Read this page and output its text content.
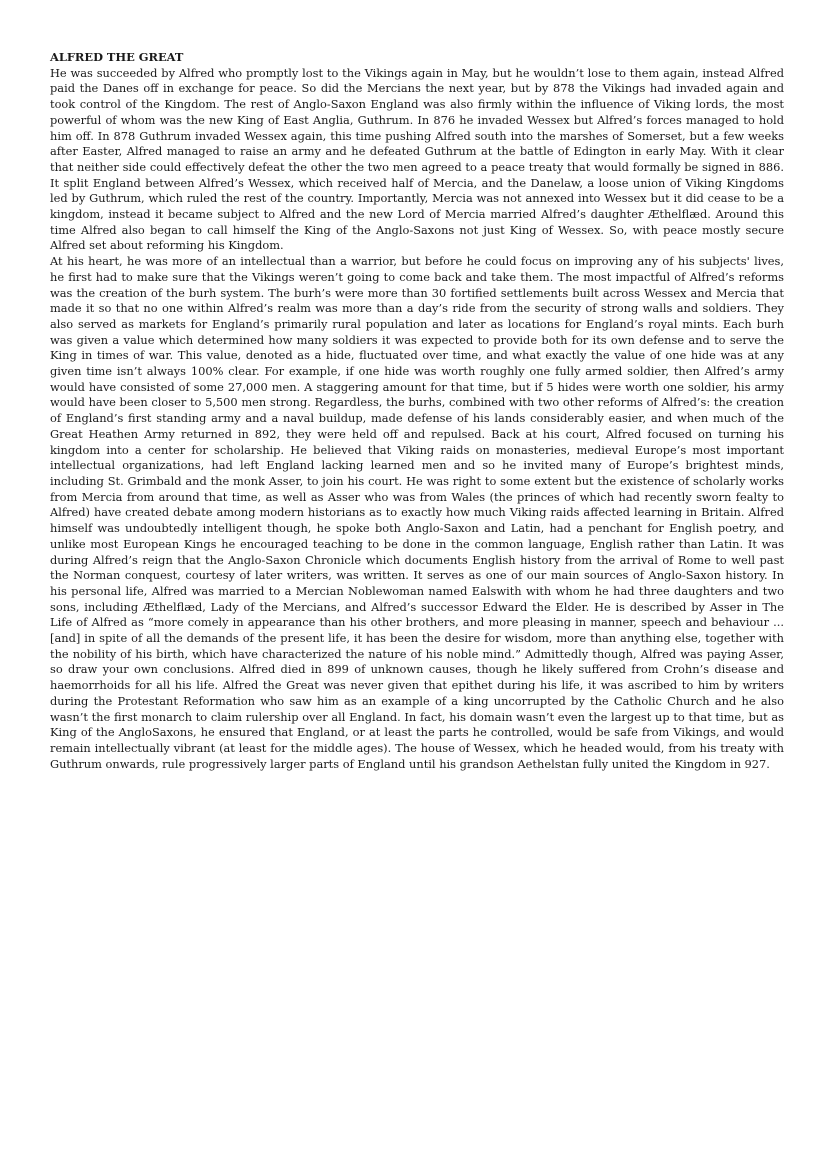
ALFRED THE GREAT

He was succeeded by Alfred who promptly lost to the Vikings again in May, but he wouldn’t lose to them again, instead Alfred paid the Danes off in exchange for peace. So did the Mercians the next year, but by 878 the Vikings had invaded again and took control of the Kingdom. The rest of Anglo-Saxon England was also firmly within the influence of Viking lords, the most powerful of whom was the new King of East Anglia, Guthrum. In 876 he invaded Wessex but Alfred’s forces managed to hold him off. In 878 Guthrum invaded Wessex again, this time pushing Alfred south into the marshes of Somerset, but a few weeks after Easter, Alfred managed to raise an army and he defeated Guthrum at the battle of Edington in early May. With it clear that neither side could effectively defeat the other the two men agreed to a peace treaty that would formally be signed in 886. It split England between Alfred’s Wessex, which received half of Mercia, and the Danelaw, a loose union of Viking Kingdoms led by Guthrum, which ruled the rest of the country. Importantly, Mercia was not annexed into Wessex but it did cease to be a kingdom, instead it became subject to Alfred and the new Lord of Mercia married Alfred’s daughter Æthelflæd. Around this time Alfred also began to call himself the King of the Anglo-Saxons not just King of Wessex. So, with peace mostly secure Alfred set about reforming his Kingdom.

At his heart, he was more of an intellectual than a warrior, but before he could focus on improving any of his subjects' lives, he first had to make sure that the Vikings weren’t going to come back and take them. The most impactful of Alfred’s reforms was the creation of the burh system. The burh’s were more than 30 fortified settlements built across Wessex and Mercia that made it so that no one within Alfred’s realm was more than a day’s ride from the security of strong walls and soldiers. They also served as markets for England’s primarily rural population and later as locations for England’s royal mints. Each burh was given a value which determined how many soldiers it was expected to provide both for its own defense and to serve the King in times of war. This value, denoted as a hide, fluctuated over time, and what exactly the value of one hide was at any given time isn’t always 100% clear. For example, if one hide was worth roughly one fully armed soldier, then Alfred’s army would have consisted of some 27,000 men. A staggering amount for that time, but if 5 hides were worth one soldier, his army would have been closer to 5,500 men strong. Regardless, the burhs, combined with two other reforms of Alfred’s: the creation of England’s first standing army and a naval buildup, made defense of his lands considerably easier, and when much of the Great Heathen Army returned in 892, they were held off and repulsed. Back at his court, Alfred focused on turning his kingdom into a center for scholarship. He believed that Viking raids on monasteries, medieval Europe’s most important intellectual organizations, had left England lacking learned men and so he invited many of Europe’s brightest minds, including St. Grimbald and the monk Asser, to join his court. He was right to some extent but the existence of scholarly works from Mercia from around that time, as well as Asser who was from Wales (the princes of which had recently sworn fealty to Alfred) have created debate among modern historians as to exactly how much Viking raids affected learning in Britain. Alfred himself was undoubtedly intelligent though, he spoke both Anglo-Saxon and Latin, had a penchant for English poetry, and unlike most European Kings he encouraged teaching to be done in the common language, English rather than Latin. It was during Alfred’s reign that the Anglo-Saxon Chronicle which documents English history from the arrival of Rome to well past the Norman conquest, courtesy of later writers, was written. It serves as one of our main sources of Anglo-Saxon history. In his personal life, Alfred was married to a Mercian Noblewoman named Ealswith with whom he had three daughters and two sons, including Æthelflæd, Lady of the Mercians, and Alfred’s successor Edward the Elder. He is described by Asser in The Life of Alfred as “more comely in appearance than his other brothers, and more pleasing in manner, speech and behaviour ... [and] in spite of all the demands of the present life, it has been the desire for wisdom, more than anything else, together with the nobility of his birth, which have characterized the nature of his noble mind.” Admittedly though, Alfred was paying Asser, so draw your own conclusions. Alfred died in 899 of unknown causes, though he likely suffered from Crohn’s disease and haemorrhoids for all his life. Alfred the Great was never given that epithet during his life, it was ascribed to him by writers during the Protestant Reformation who saw him as an example of a king uncorrupted by the Catholic Church and he also wasn’t the first monarch to claim rulership over all England. In fact, his domain wasn’t even the largest up to that time, but as King of the AngloSaxons, he ensured that England, or at least the parts he controlled, would be safe from Vikings, and would remain intellectually vibrant (at least for the middle ages). The house of Wessex, which he headed would, from his treaty with Guthrum onwards, rule progressively larger parts of England until his grandson Aethelstan fully united the Kingdom in 927.
